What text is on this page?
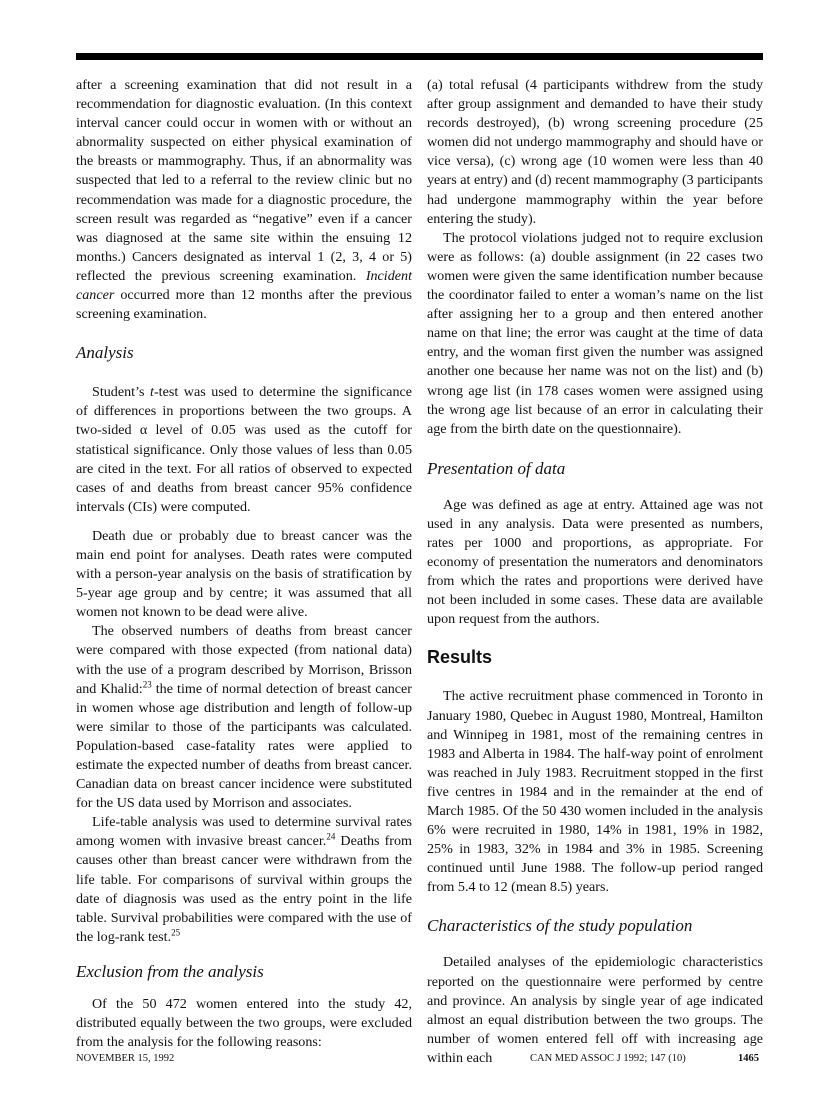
after a screening examination that did not result in a recommendation for diagnostic evaluation. (In this context interval cancer could occur in women with or without an abnormality suspected on either physical examination of the breasts or mammography. Thus, if an abnormality was suspected that led to a referral to the review clinic but no recommendation was made for a diagnostic procedure, the screen result was regarded as “negative” even if a cancer was diagnosed at the same site within the ensuing 12 months.) Cancers designated as interval 1 (2, 3, 4 or 5) reflected the previous screening examination. Incident cancer occurred more than 12 months after the previous screening examination.

Analysis

Student’s t-test was used to determine the significance of differences in proportions between the two groups. A two-sided α level of 0.05 was used as the cutoff for statistical significance. Only those values of less than 0.05 are cited in the text. For all ratios of observed to expected cases of and deaths from breast cancer 95% confidence intervals (CIs) were computed.

Death due or probably due to breast cancer was the main end point for analyses. Death rates were computed with a person-year analysis on the basis of stratification by 5-year age group and by centre; it was assumed that all women not known to be dead were alive.

The observed numbers of deaths from breast cancer were compared with those expected (from national data) with the use of a program described by Morrison, Brisson and Khalid:$^{23}$ the time of normal detection of breast cancer in women whose age distribution and length of follow-up were similar to those of the participants was calculated. Population-based case-fatality rates were applied to estimate the expected number of deaths from breast cancer. Canadian data on breast cancer incidence were substituted for the US data used by Morrison and associates.

Life-table analysis was used to determine survival rates among women with invasive breast cancer.$^{24}$ Deaths from causes other than breast cancer were withdrawn from the life table. For comparisons of survival within groups the date of diagnosis was used as the entry point in the life table. Survival probabilities were compared with the use of the log-rank test.$^{25}$

Exclusion from the analysis

Of the 50 472 women entered into the study 42, distributed equally between the two groups, were excluded from the analysis for the following reasons:

(a) total refusal (4 participants withdrew from the study after group assignment and demanded to have their study records destroyed), (b) wrong screening procedure (25 women did not undergo mammography and should have or vice versa), (c) wrong age (10 women were less than 40 years at entry) and (d) recent mammography (3 participants had undergone mammography within the year before entering the study).

The protocol violations judged not to require exclusion were as follows: (a) double assignment (in 22 cases two women were given the same identification number because the coordinator failed to enter a woman’s name on the list after assigning her to a group and then entered another name on that line; the error was caught at the time of data entry, and the woman first given the number was assigned another one because her name was not on the list) and (b) wrong age list (in 178 cases women were assigned using the wrong age list because of an error in calculating their age from the birth date on the questionnaire).

Presentation of data

Age was defined as age at entry. Attained age was not used in any analysis. Data were presented as numbers, rates per 1000 and proportions, as appropriate. For economy of presentation the numerators and denominators from which the rates and proportions were derived have not been included in some cases. These data are available upon request from the authors.

Results

The active recruitment phase commenced in Toronto in January 1980, Quebec in August 1980, Montreal, Hamilton and Winnipeg in 1981, most of the remaining centres in 1983 and Alberta in 1984. The half-way point of enrolment was reached in July 1983. Recruitment stopped in the first five centres in 1984 and in the remainder at the end of March 1985. Of the 50 430 women included in the analysis 6% were recruited in 1980, 14% in 1981, 19% in 1982, 25% in 1983, 32% in 1984 and 3% in 1985. Screening continued until June 1988. The follow-up period ranged from 5.4 to 12 (mean 8.5) years.

Characteristics of the study population

Detailed analyses of the epidemiologic characteristics reported on the questionnaire were performed by centre and province. An analysis by single year of age indicated almost an equal distribution between the two groups. The number of women entered fell off with increasing age within each

NOVEMBER 15, 1992	CAN MED ASSOC J 1992; 147 (10)	1465
